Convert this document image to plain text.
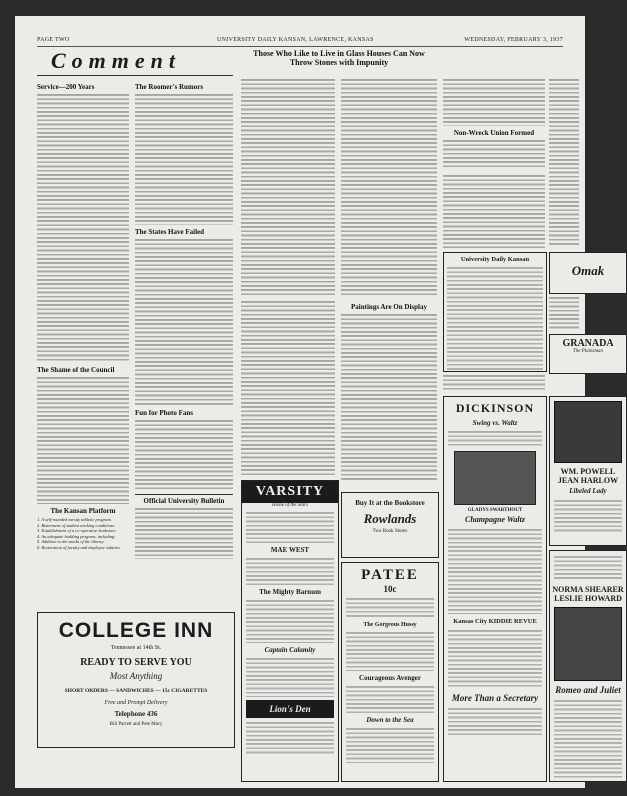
PAGE TWO	UNIVERSITY DAILY KANSAN, LAWRENCE, KANSAS	WEDNESDAY, FEBRUARY 3, 1937
Comment
Service—200 Years
The Shame of the Council
The Kansan Platform
1. A self-rounded varsity athletic program.
2. Betterment of student working conditions.
3. Establishment of a co-operative bookstore.
4. An adequate building program, including:
5. Addition to the stacks of the library.
6. Restoration of faculty and employee salaries.
The Roomer's Rumors
The States Have Failed
Fun for Photo Fans
Official University Bulletin
COLLEGE INN
Tennessee at 14th St.
READY TO SERVE YOU
Most Anything
SHORT ORDERS — SANDWICHES — 15c CIGARETTES
Free and Prompt Delivery
Telephone 436
Bill Parrett and Pete Mury
Those Who Like to Live in Glass Houses Can Now Throw Stones with Impunity
Paintings Are On Display
Non-Wreck Union Formed
University Daily Kansan
Omak
GRANADA
The Plainsman
VARSITY
Home of the Stars
MAE WEST
The Mighty Barnum
Captain Calamity
Lion's Den
Buy It at the Bookstore
Rowlands
Two Book Stores
PATEE
10c
The Gorgeous Hussy
Courageous Avenger
Down to the Sea
DICKINSON
Swing vs. Waltz
GLADYS SWARTHOUT
Champagne Waltz
Kansas City KIDDIE REVUE
More Than a Secretary
WM. POWELL
JEAN HARLOW
Libeled Lady
NORMA SHEARER
LESLIE HOWARD
Romeo and Juliet
